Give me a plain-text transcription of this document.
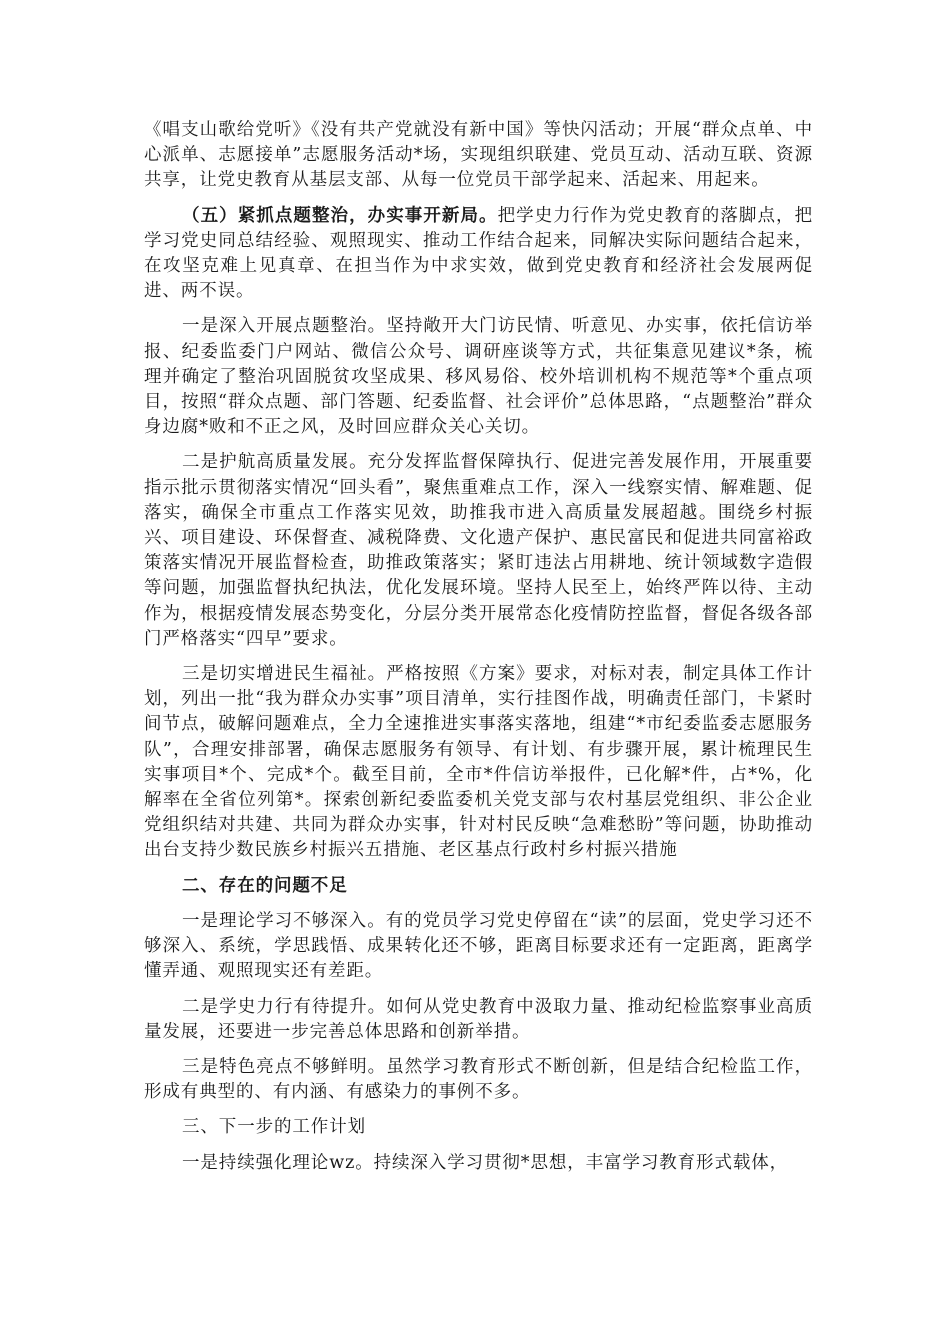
《唱支山歌给党听》《没有共产党就没有新中国》等快闪活动；开展“群众点单、中心派单、志愿接单”志愿服务活动*场，实现组织联建、党员互动、活动互联、资源共享，让党史教育从基层支部、从每一位党员干部学起来、活起来、用起来。

（五）紧抓点题整治，办实事开新局。把学史力行作为党史教育的落脚点，把学习党史同总结经验、观照现实、推动工作结合起来，同解决实际问题结合起来，在攻坚克难上见真章、在担当作为中求实效，做到党史教育和经济社会发展两促进、两不误。

一是深入开展点题整治。坚持敞开大门访民情、听意见、办实事，依托信访举报、纪委监委门户网站、微信公众号、调研座谈等方式，共征集意见建议*条，梳理并确定了整治巩固脱贫攻坚成果、移风易俗、校外培训机构不规范等*个重点项目，按照“群众点题、部门答题、纪委监督、社会评价”总体思路，“点题整治”群众身边腐*败和不正之风，及时回应群众关心关切。

二是护航高质量发展。充分发挥监督保障执行、促进完善发展作用，开展重要指示批示贯彻落实情况“回头看”，聚焦重难点工作，深入一线察实情、解难题、促落实，确保全市重点工作落实见效，助推我市进入高质量发展超越。围绕乡村振兴、项目建设、环保督查、减税降费、文化遗产保护、惠民富民和促进共同富裕政策落实情况开展监督检查，助推政策落实；紧盯违法占用耕地、统计领域数字造假等问题，加强监督执纪执法，优化发展环境。坚持人民至上，始终严阵以待、主动作为，根据疫情发展态势变化，分层分类开展常态化疫情防控监督，督促各级各部门严格落实“四早”要求。

三是切实增进民生福祉。严格按照《方案》要求，对标对表，制定具体工作计划，列出一批“我为群众办实事”项目清单，实行挂图作战，明确责任部门，卡紧时间节点，破解问题难点，全力全速推进实事落实落地，组建“*市纪委监委志愿服务队”，合理安排部署，确保志愿服务有领导、有计划、有步骤开展，累计梳理民生实事项目*个、完成*个。截至目前，全市*件信访举报件，已化解*件，占*%，化解率在全省位列第*。探索创新纪委监委机关党支部与农村基层党组织、非公企业党组织结对共建、共同为群众办实事，针对村民反映“急难愁盼”等问题，协助推动出台支持少数民族乡村振兴五措施、老区基点行政村乡村振兴措施

二、存在的问题不足

一是理论学习不够深入。有的党员学习党史停留在“读”的层面，党史学习还不够深入、系统，学思践悟、成果转化还不够，距离目标要求还有一定距离，距离学懂弄通、观照现实还有差距。

二是学史力行有待提升。如何从党史教育中汲取力量、推动纪检监察事业高质量发展，还要进一步完善总体思路和创新举措。

三是特色亮点不够鲜明。虽然学习教育形式不断创新，但是结合纪检监工作，形成有典型的、有内涵、有感染力的事例不多。

三、下一步的工作计划

一是持续强化理论wz。持续深入学习贯彻*思想，丰富学习教育形式载体，
